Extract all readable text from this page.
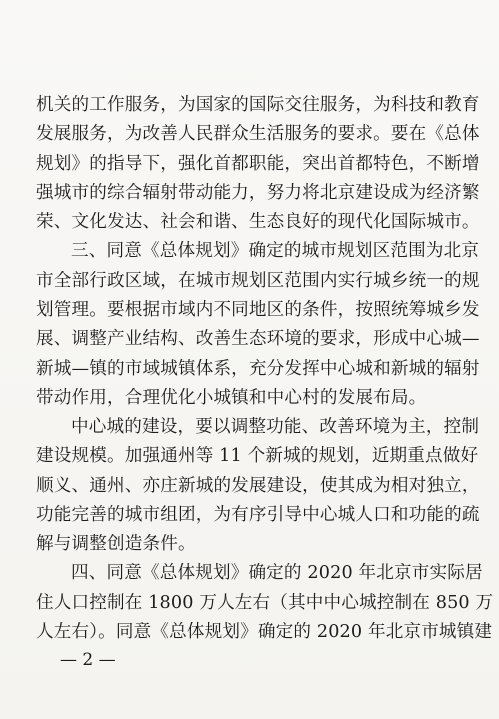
机关的工作服务，为国家的国际交往服务，为科技和教育
发展服务，为改善人民群众生活服务的要求。要在《总体
规划》的指导下，强化首都职能，突出首都特色，不断增
强城市的综合辐射带动能力，努力将北京建设成为经济繁
荣、文化发达、社会和谐、生态良好的现代化国际城市。
三、同意《总体规划》确定的城市规划区范围为北京
市全部行政区域，在城市规划区范围内实行城乡统一的规
划管理。要根据市域内不同地区的条件，按照统筹城乡发
展、调整产业结构、改善生态环境的要求，形成中心城—
新城—镇的市域城镇体系，充分发挥中心城和新城的辐射
带动作用，合理优化小城镇和中心村的发展布局。
中心城的建设，要以调整功能、改善环境为主，控制
建设规模。加强通州等 11 个新城的规划，近期重点做好
顺义、通州、亦庄新城的发展建设，使其成为相对独立，
功能完善的城市组团，为有序引导中心城人口和功能的疏
解与调整创造条件。
四、同意《总体规划》确定的 2020 年北京市实际居
住人口控制在 1800 万人左右（其中中心城控制在 850 万
人左右）。同意《总体规划》确定的 2020 年北京市城镇建
— 2 —
